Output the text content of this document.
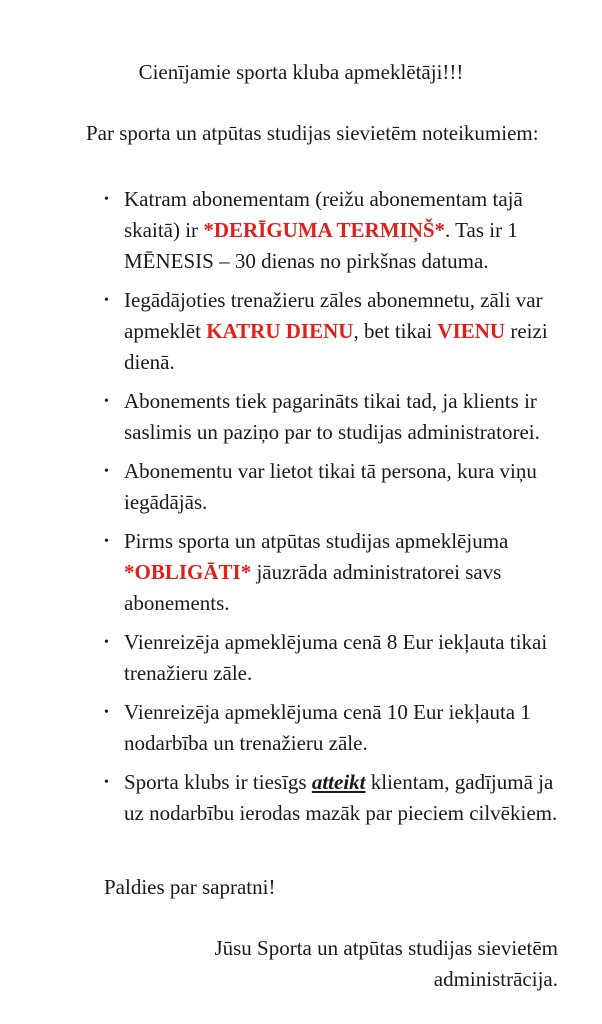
Cienījamie sporta kluba apmeklētāji!!!
Par sporta un atpūtas studijas sievietēm noteikumiem:
• Katram abonementam (reižu abonementam tajā skaitā) ir *DERĪGUMA TERMIŅŠ*. Tas ir 1 MĒNESIS – 30 dienas no pirkšnas datuma.
• Iegādājoties trenažieru zāles abonemnetu, zāli var apmeklēt KATRU DIENU, bet tikai VIENU reizi dienā.
• Abonements tiek pagarināts tikai tad, ja klients ir saslimis un paziņo par to studijas administratorei.
• Abonementu var lietot tikai tā persona, kura viņu iegādājās.
• Pirms sporta un atpūtas studijas apmeklējuma *OBLIGĀTI* jāuzrāda administratorei savs abonements.
• Vienreizēja apmeklējuma cenā 8 Eur iekļauta tikai trenažieru zāle.
• Vienreizēja apmeklējuma cenā 10 Eur iekļauta 1 nodarbība un trenažieru zāle.
• Sporta klubs ir tiesīgs atteikt klientam, gadījumā ja uz nodarbību ierodas mazāk par pieciem cilvēkiem.
Paldies par sapratni!
Jūsu Sporta un atpūtas studijas sievietēm
administrācija.
